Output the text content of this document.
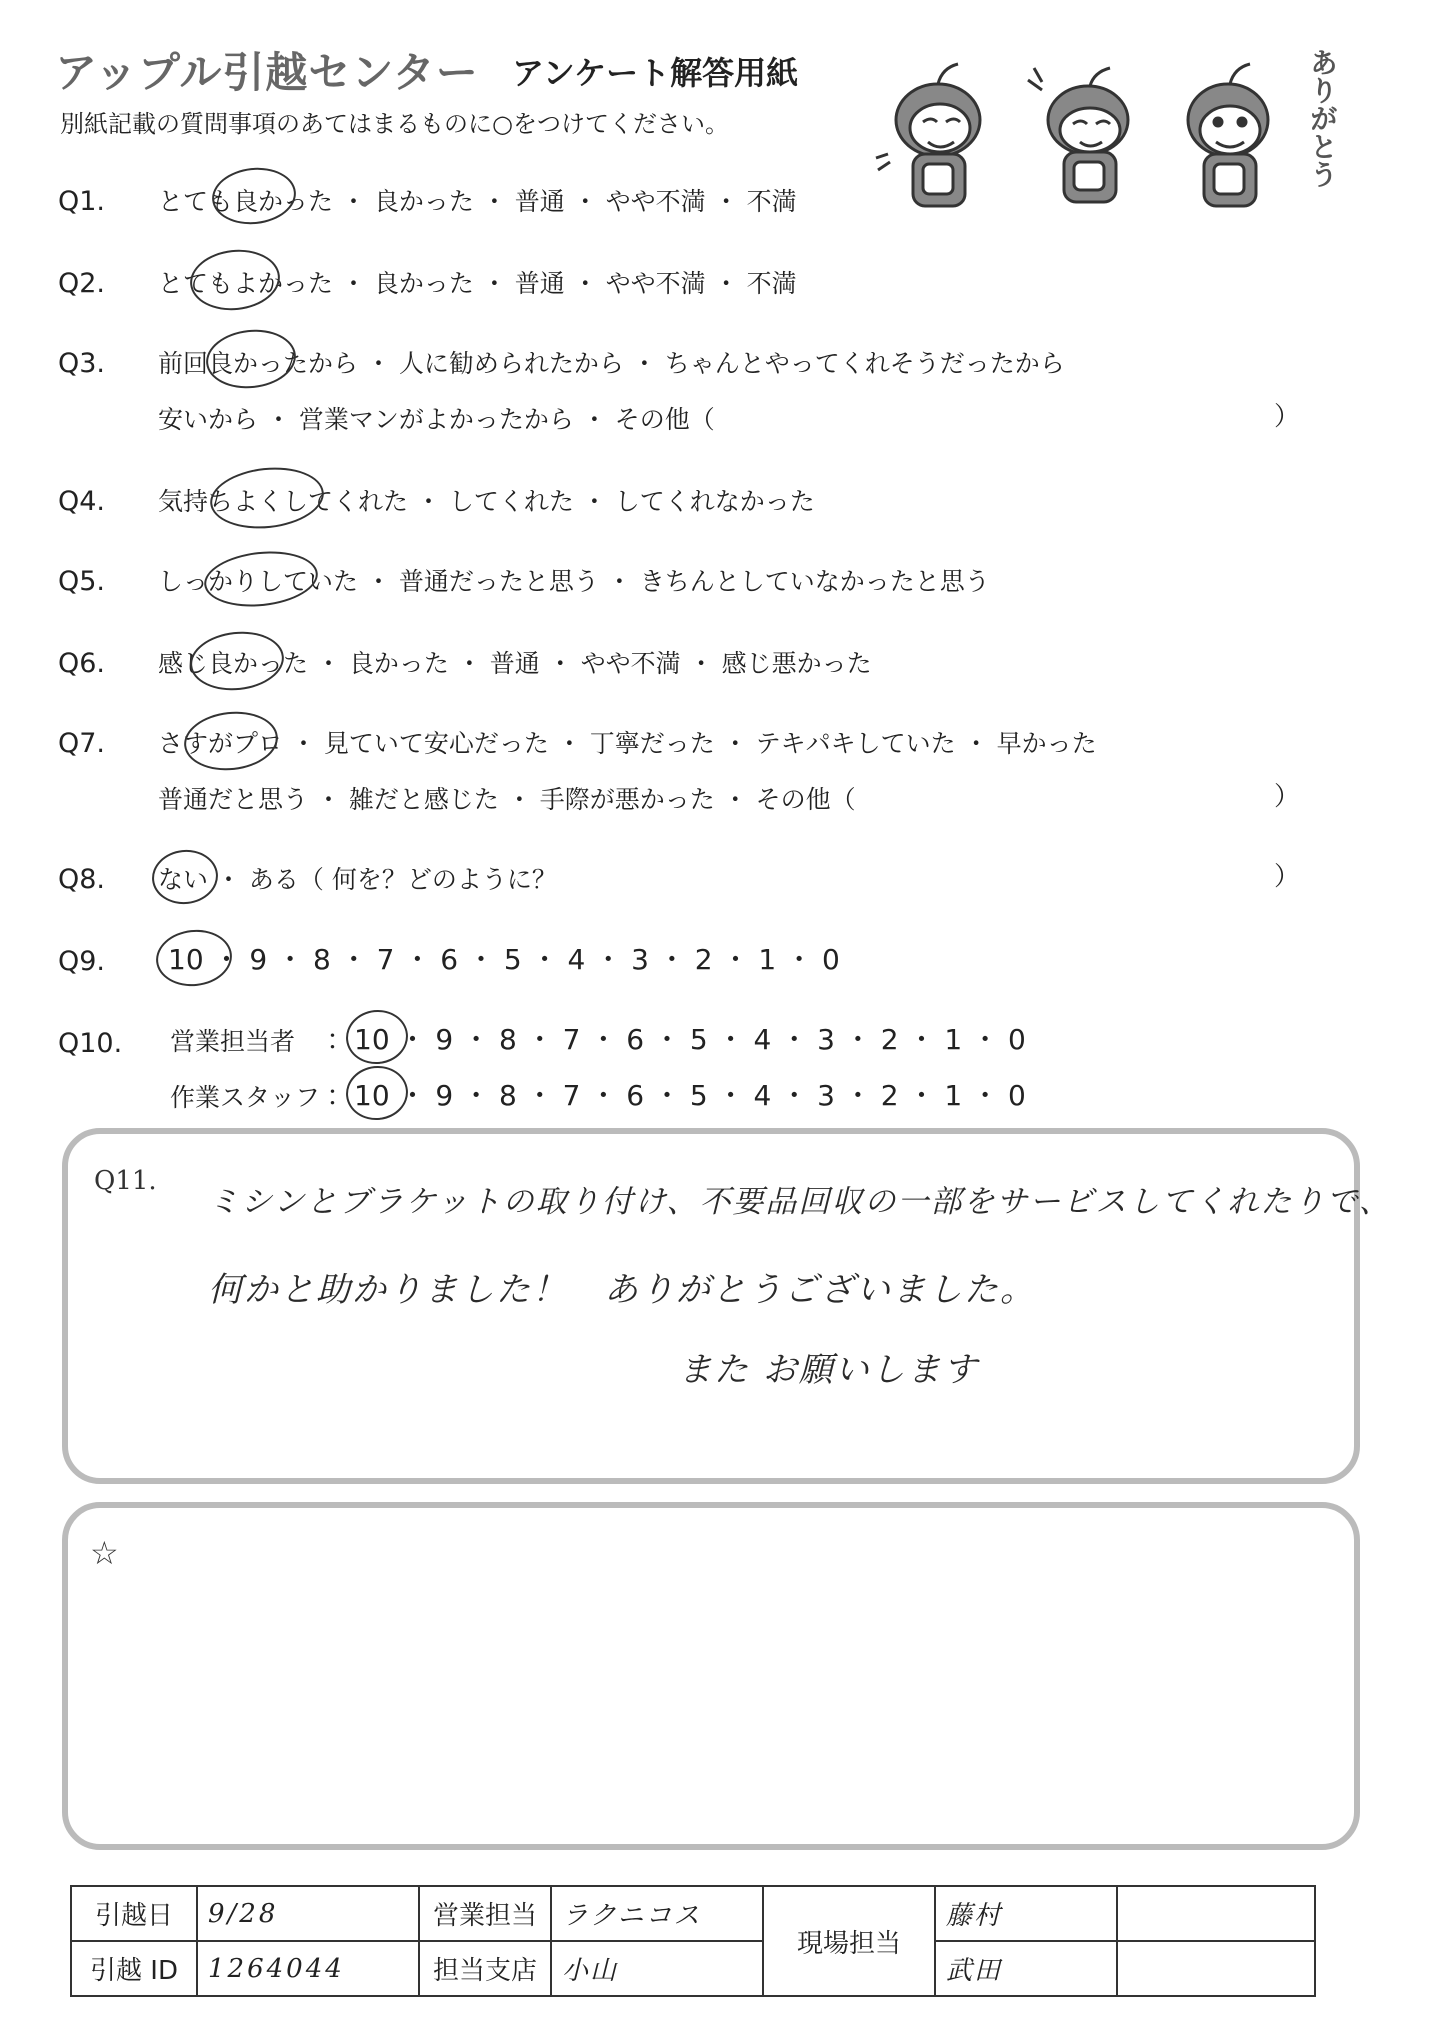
アップル引越センター アンケート解答用紙
別紙記載の質問事項のあてはまるものに○をつけてください。	ありがとう
Q1. とても良かった ・ 良かった ・ 普通 ・ やや不満 ・ 不満
Q2. とてもよかった ・ 良かった ・ 普通 ・ やや不満 ・ 不満
Q3. 前回良かったから ・ 人に勧められたから ・ ちゃんとやってくれそうだったから
安いから ・ 営業マンがよかったから ・ その他（	）
Q4. 気持ちよくしてくれた ・ してくれた ・ してくれなかった
Q5. しっかりしていた ・ 普通だったと思う ・ きちんとしていなかったと思う
Q6. 感じ良かった ・ 良かった ・ 普通 ・ やや不満 ・ 感じ悪かった
Q7. さすがプロ ・ 見ていて安心だった ・ 丁寧だった ・ テキパキしていた ・ 早かった
普通だと思う ・ 雑だと感じた ・ 手際が悪かった ・ その他（	）
Q8. ない ・ ある（ 何を？どのように？	）
Q9. 10 ・ 9 ・ 8 ・ 7 ・ 6 ・ 5 ・ 4 ・ 3 ・ 2 ・ 1 ・ 0
Q10. 営業担当者 ：10 ・ 9 ・ 8 ・ 7 ・ 6 ・ 5 ・ 4 ・ 3 ・ 2 ・ 1 ・ 0
作業スタッフ ：10 ・ 9 ・ 8 ・ 7 ・ 6 ・ 5 ・ 4 ・ 3 ・ 2 ・ 1 ・ 0
Q11.
ミシンとブラケットの取り付け、不要品回収の一部をサービスしてくれたりで、
何かと助かりました！　ありがとうございました。
また お願いします
☆
引越日	9/28	営業担当	ラクニコス	現場担当	藤村	
引越 ID	1264044	担当支店	小山		武田	
